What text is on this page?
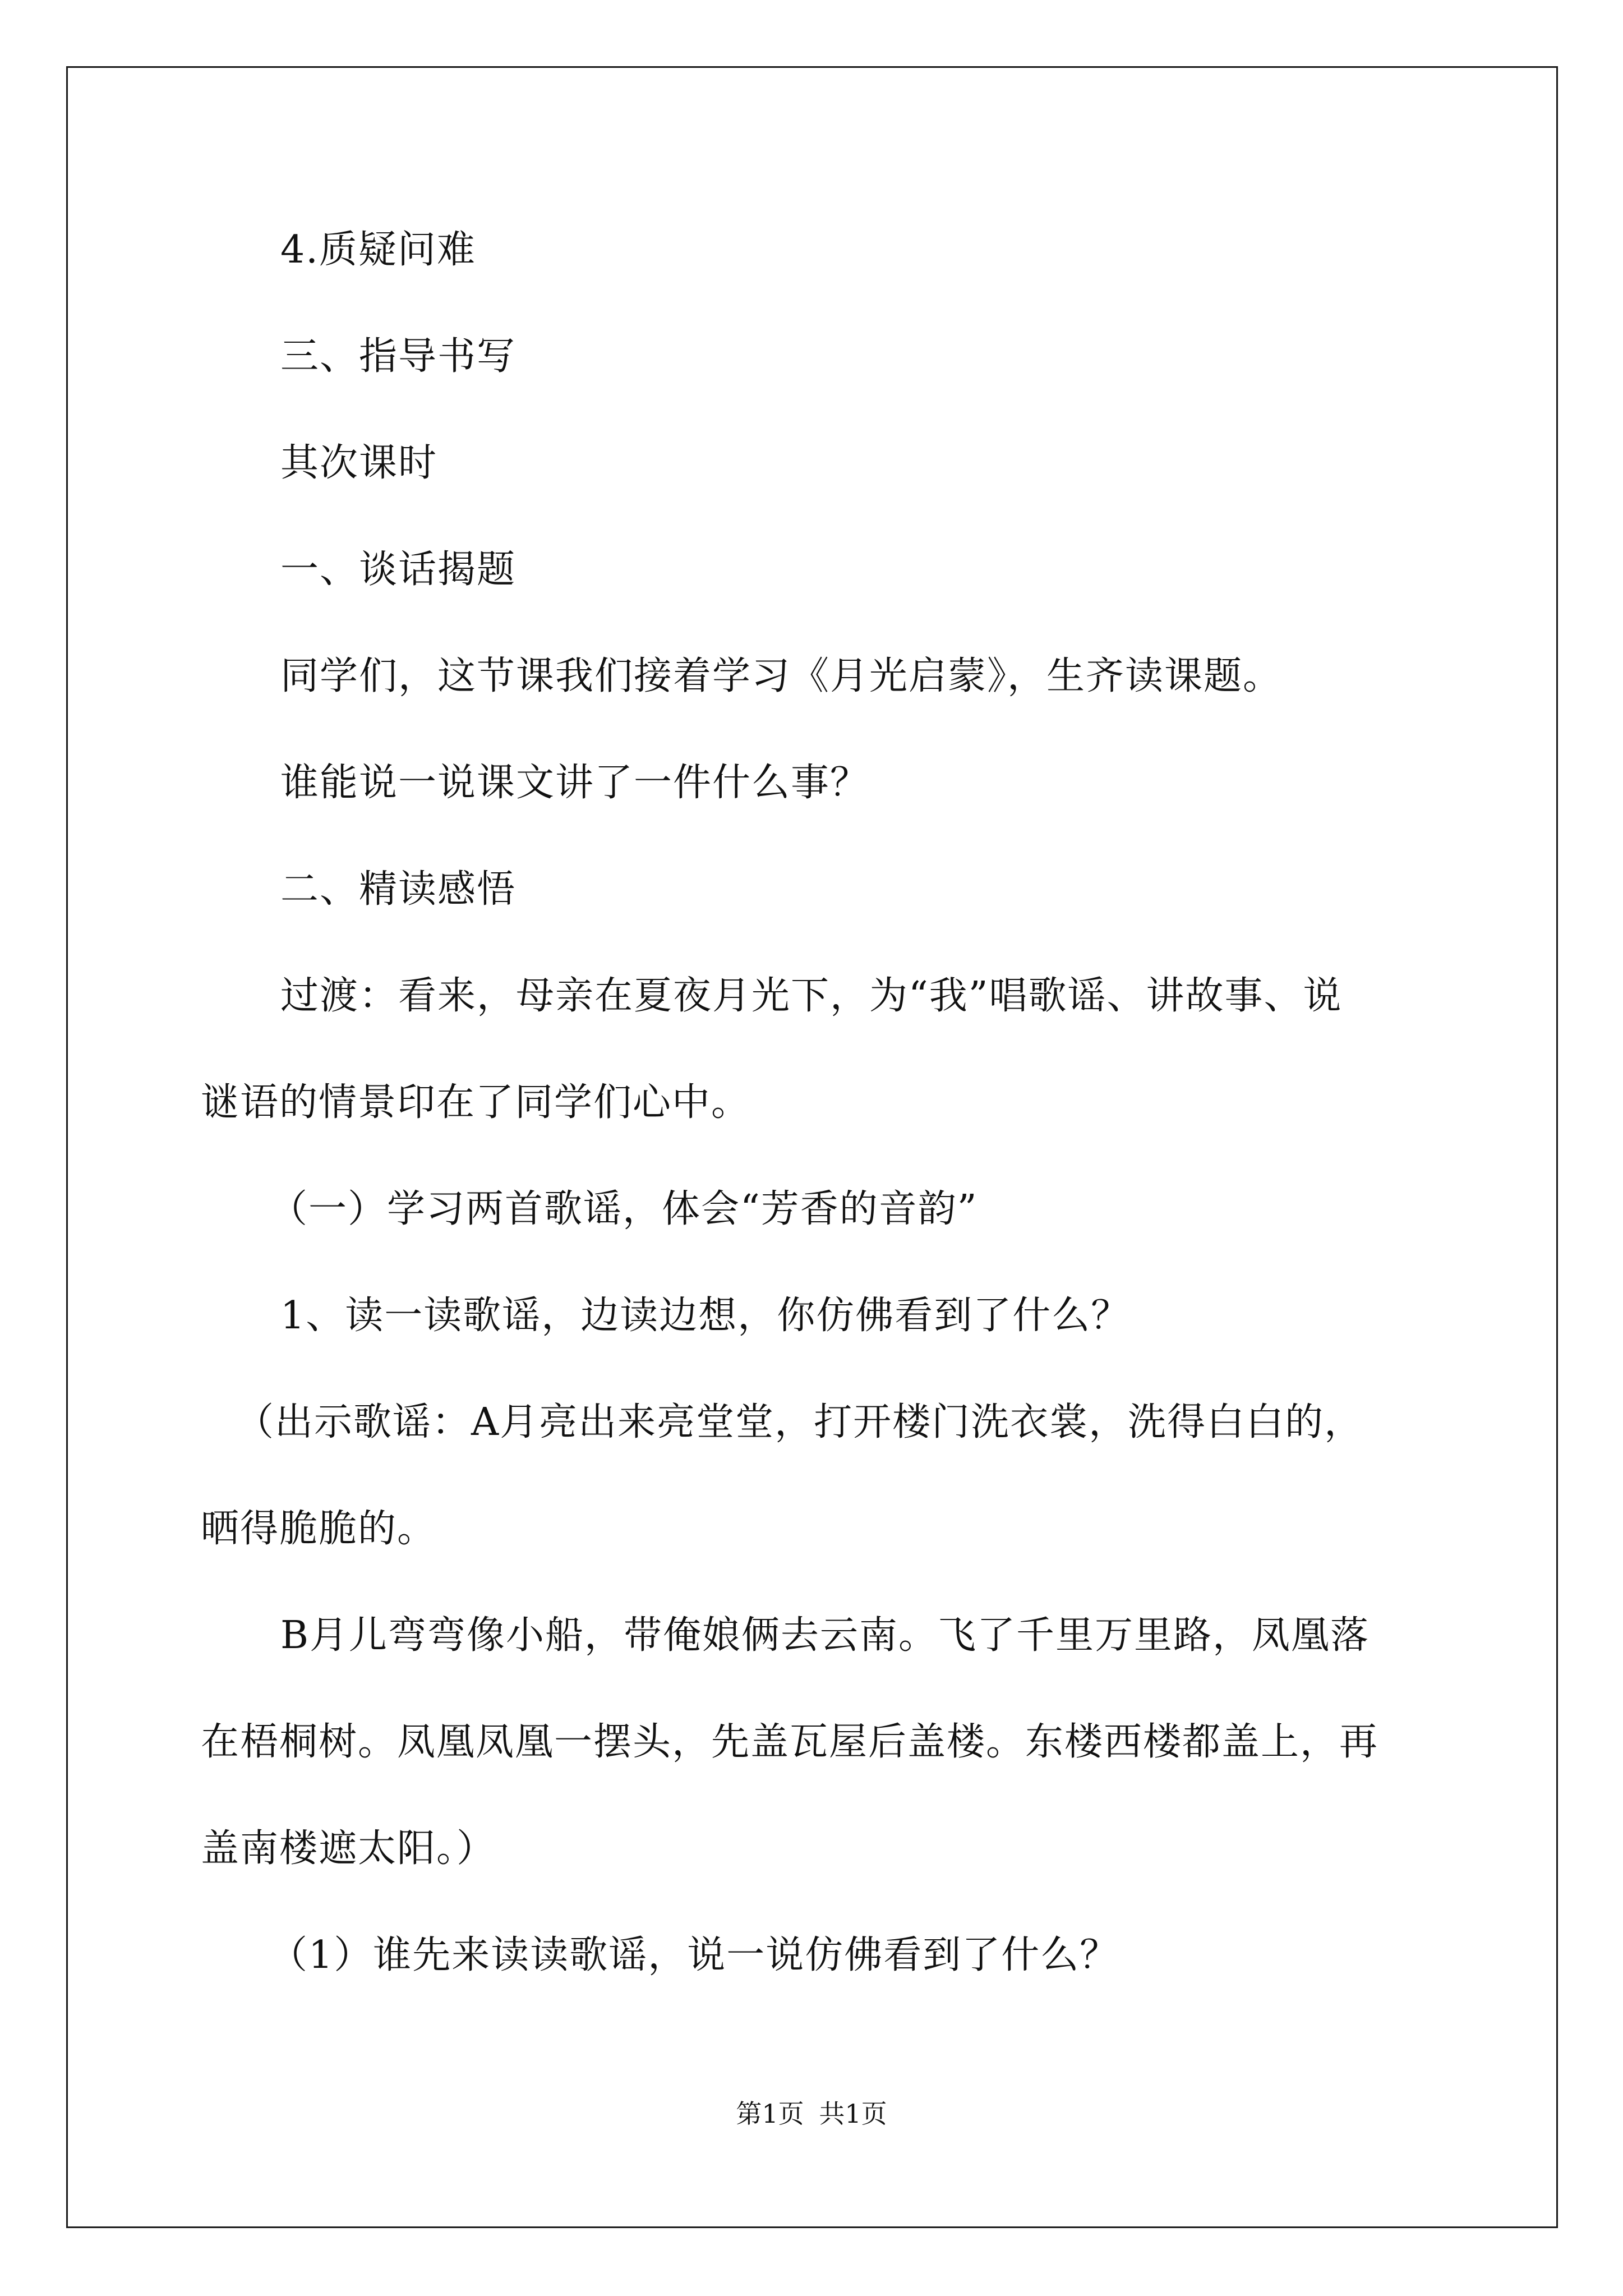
4.质疑问难
三、指导书写
其次课时
一、谈话揭题
同学们，这节课我们接着学习《月光启蒙》，生齐读课题。
谁能说一说课文讲了一件什么事？
二、精读感悟
过渡：看来，母亲在夏夜月光下，为“我”唱歌谣、讲故事、说
谜语的情景印在了同学们心中。
（一）学习两首歌谣，体会“芳香的音韵”
1、读一读歌谣，边读边想，你仿佛看到了什么？
（出示歌谣：A月亮出来亮堂堂，打开楼门洗衣裳，洗得白白的，
晒得脆脆的。
B月儿弯弯像小船，带俺娘俩去云南。飞了千里万里路，凤凰落
在梧桐树。凤凰凤凰一摆头，先盖瓦屋后盖楼。东楼西楼都盖上，再
盖南楼遮太阳。）
（1）谁先来读读歌谣，说一说仿佛看到了什么？
第1页 共1页
